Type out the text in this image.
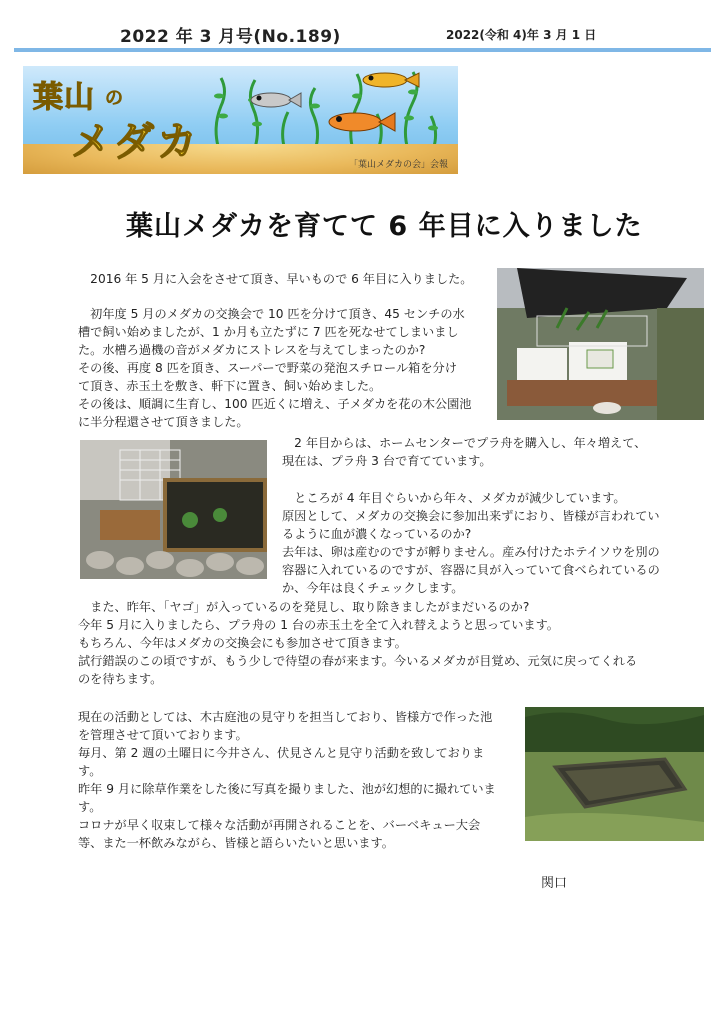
2022 年 3 月号(No.189)	2022(令和 4)年 3 月 1 日
葉山 の
メダカ	「葉山メダカの会」会報
葉山メダカを育てて 6 年目に入りました
　2016 年 5 月に入会をさせて頂き、早いもので 6 年目に入りました。
　初年度 5 月のメダカの交換会で 10 匹を分けて頂き、45 センチの水
槽で飼い始めましたが、1 か月も立たずに 7 匹を死なせてしまいまし
た。水槽ろ過機の音がメダカにストレスを与えてしまったのか?
その後、再度 8 匹を頂き、スーパーで野菜の発泡スチロール箱を分け
て頂き、赤玉土を敷き、軒下に置き、飼い始めました。
その後は、順調に生育し、100 匹近くに増え、子メダカを花の木公園池
に半分程還させて頂きました。
　2 年目からは、ホームセンターでプラ舟を購入し、年々増えて、
現在は、プラ舟 3 台で育てています。
　ところが 4 年目ぐらいから年々、メダカが減少しています。
原因として、メダカの交換会に参加出来ずにおり、皆様が言われてい
るように血が濃くなっているのか?
去年は、卵は産むのですが孵りません。産み付けたホテイソウを別の
容器に入れているのですが、容器に貝が入っていて食べられているの
か、今年は良くチェックします。
　また、昨年、「ヤゴ」が入っているのを発見し、取り除きましたがまだいるのか?
今年 5 月に入りましたら、プラ舟の 1 台の赤玉土を全て入れ替えようと思っています。
もちろん、今年はメダカの交換会にも参加させて頂きます。
試行錯誤のこの頃ですが、もう少しで待望の春が来ます。今いるメダカが目覚め、元気に戻ってくれる
のを待ちます。
現在の活動としては、木古庭池の見守りを担当しており、皆様方で作った池
を管理させて頂いております。
毎月、第 2 週の土曜日に今井さん、伏見さんと見守り活動を致しておりま
す。
昨年 9 月に除草作業をした後に写真を撮りました、池が幻想的に撮れていま
す。
コロナが早く収束して様々な活動が再開されることを、バーベキュー大会
等、また一杯飲みながら、皆様と語らいたいと思います。
関口
